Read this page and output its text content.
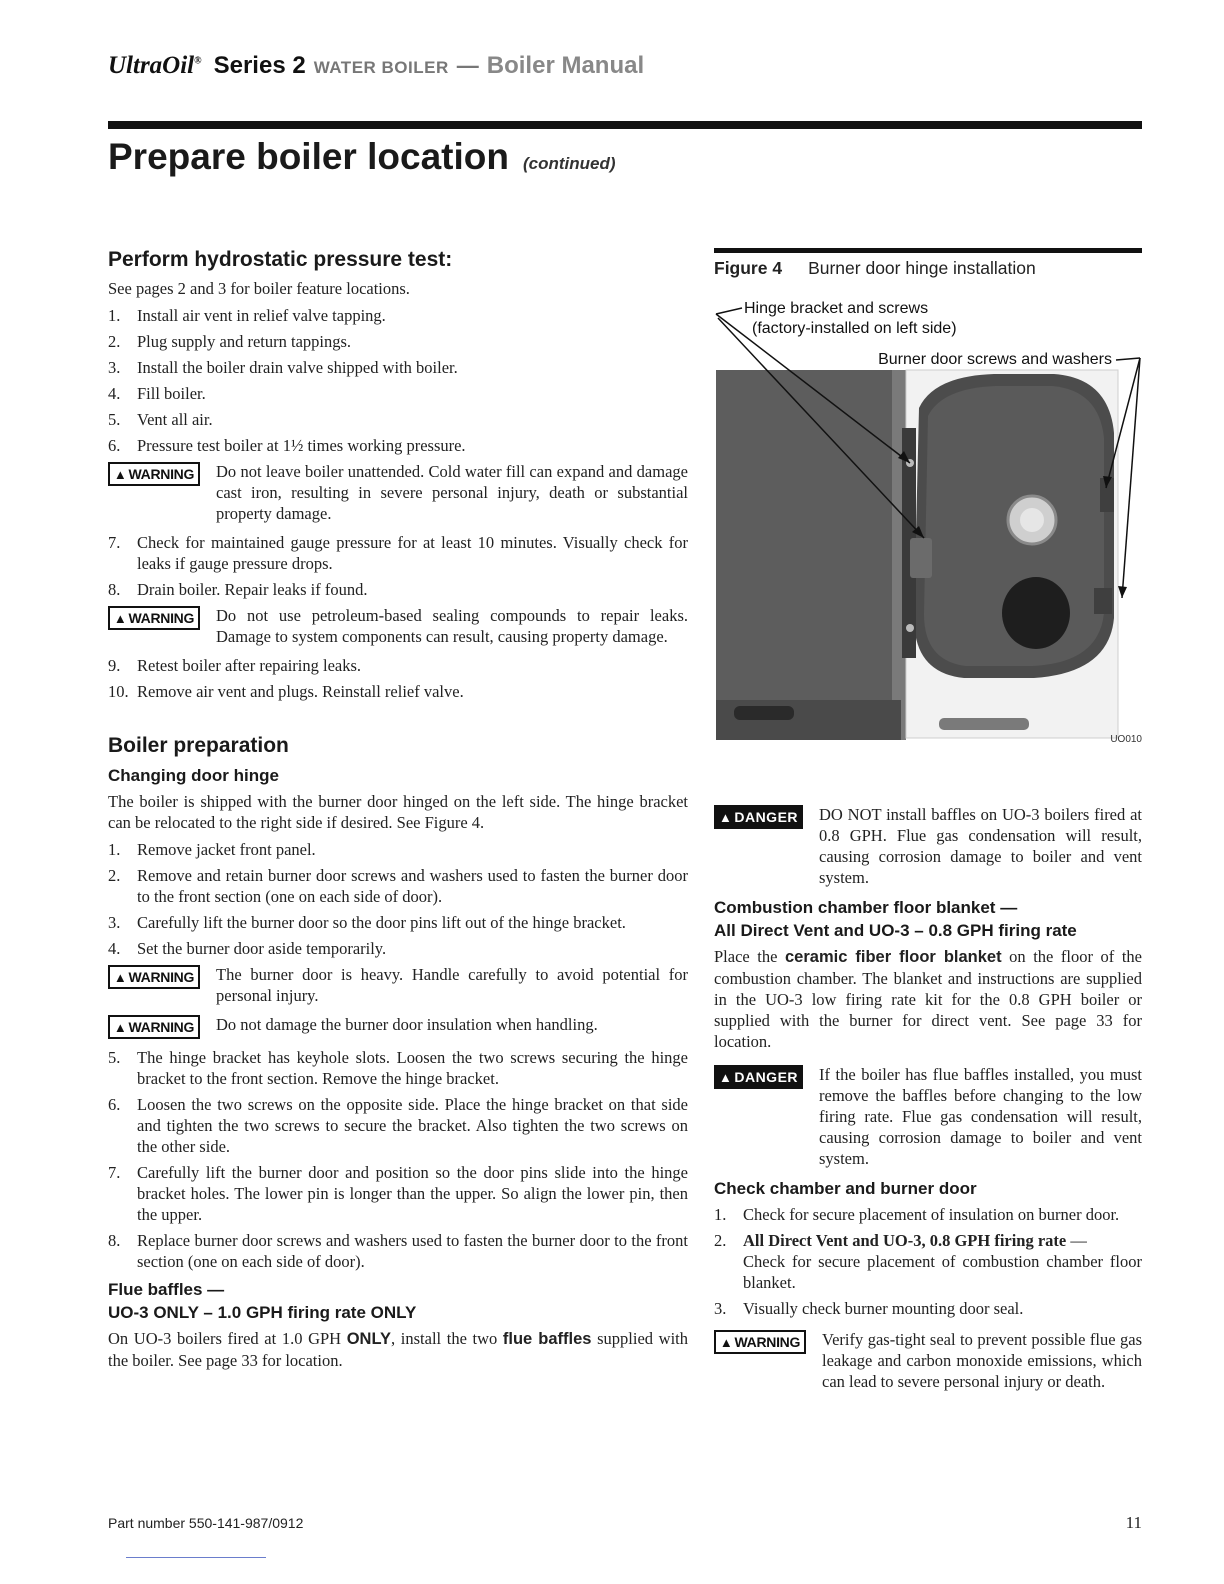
UltraOil® Series 2 WATER BOILER — Boiler Manual
Prepare boiler location (continued)
Perform hydrostatic pressure test:

See pages 2 and 3 for boiler feature locations.

1. Install air vent in relief valve tapping.
2. Plug supply and return tappings.
3. Install the boiler drain valve shipped with boiler.
4. Fill boiler.
5. Vent all air.
6. Pressure test boiler at 1½ times working pressure.
▲ WARNING	Do not leave boiler unattended. Cold water fill can expand and damage cast iron, resulting in severe personal injury, death or substantial property damage.
7. Check for maintained gauge pressure for at least 10 minutes. Visually check for leaks if gauge pressure drops.
8. Drain boiler. Repair leaks if found.
▲ WARNING	Do not use petroleum-based sealing compounds to repair leaks. Damage to system components can result, causing property damage.
9. Retest boiler after repairing leaks.
10. Remove air vent and plugs. Reinstall relief valve.
Boiler preparation
Changing door hinge

The boiler is shipped with the burner door hinged on the left side. The hinge bracket can be relocated to the right side if desired. See Figure 4.

1. Remove jacket front panel.
2. Remove and retain burner door screws and washers used to fasten the burner door to the front section (one on each side of door).
3. Carefully lift the burner door so the door pins lift out of the hinge bracket.
4. Set the burner door aside temporarily.
▲ WARNING	The burner door is heavy. Handle carefully to avoid potential for personal injury.
▲ WARNING	Do not damage the burner door insulation when handling.
5. The hinge bracket has keyhole slots. Loosen the two screws securing the hinge bracket to the front section. Remove the hinge bracket.
6. Loosen the two screws on the opposite side. Place the hinge bracket on that side and tighten the two screws to secure the bracket. Also tighten the two screws on the other side.
7. Carefully lift the burner door and position so the door pins slide into the hinge bracket holes. The lower pin is longer than the upper. So align the lower pin, then the upper.
8. Replace burner door screws and washers used to fasten the burner door to the front section (one on each side of door).
Flue baffles —
UO-3 ONLY – 1.0 GPH firing rate ONLY

On UO-3 boilers fired at 1.0 GPH ONLY, install the two flue baffles supplied with the boiler. See page 33 for location.

Figure 4 Burner door hinge installation
Hinge bracket and screws
(factory-installed on left side)
Burner door screws and washers
UO010
▲ DANGER	DO NOT install baffles on UO-3 boilers fired at 0.8 GPH. Flue gas condensation will result, causing corrosion damage to boiler and vent system.
Combustion chamber floor blanket —
All Direct Vent and UO-3 – 0.8 GPH firing rate

Place the ceramic fiber floor blanket on the floor of the combustion chamber. The blanket and instructions are supplied in the UO-3 low firing rate kit for the 0.8 GPH boiler or supplied with the burner for direct vent. See page 33 for location.

▲ DANGER	If the boiler has flue baffles installed, you must remove the baffles before changing to the low firing rate. Flue gas condensation will result, causing corrosion damage to boiler and vent system.
Check chamber and burner door
1. Check for secure placement of insulation on burner door.
2. All Direct Vent and UO-3, 0.8 GPH firing rate —
Check for secure placement of combustion chamber floor blanket.
3. Visually check burner mounting door seal.
▲ WARNING	Verify gas-tight seal to prevent possible flue gas leakage and carbon monoxide emissions, which can lead to severe personal injury or death.
Part number 550-141-987/0912	11
